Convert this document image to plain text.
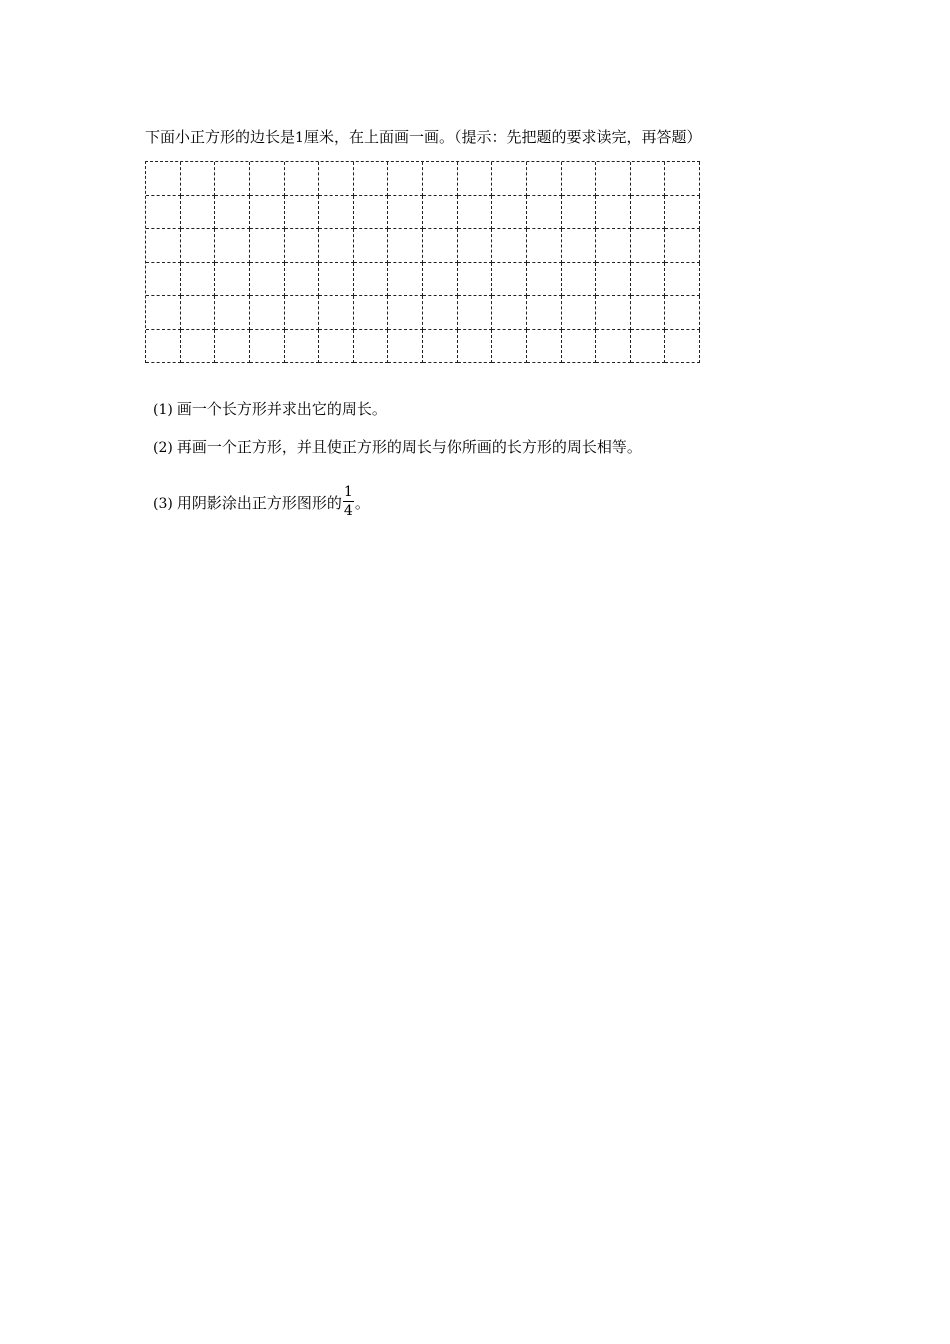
下面小正方形的边长是1厘米，在上面画一画。（提示：先把题的要求读完，再答题）
(1) 画一个长方形并求出它的周长。
(2) 再画一个正方形，并且使正方形的周长与你所画的长方形的周长相等。
(3) 用阴影涂出正方形图形的 $\frac{1}{4}$ 。
